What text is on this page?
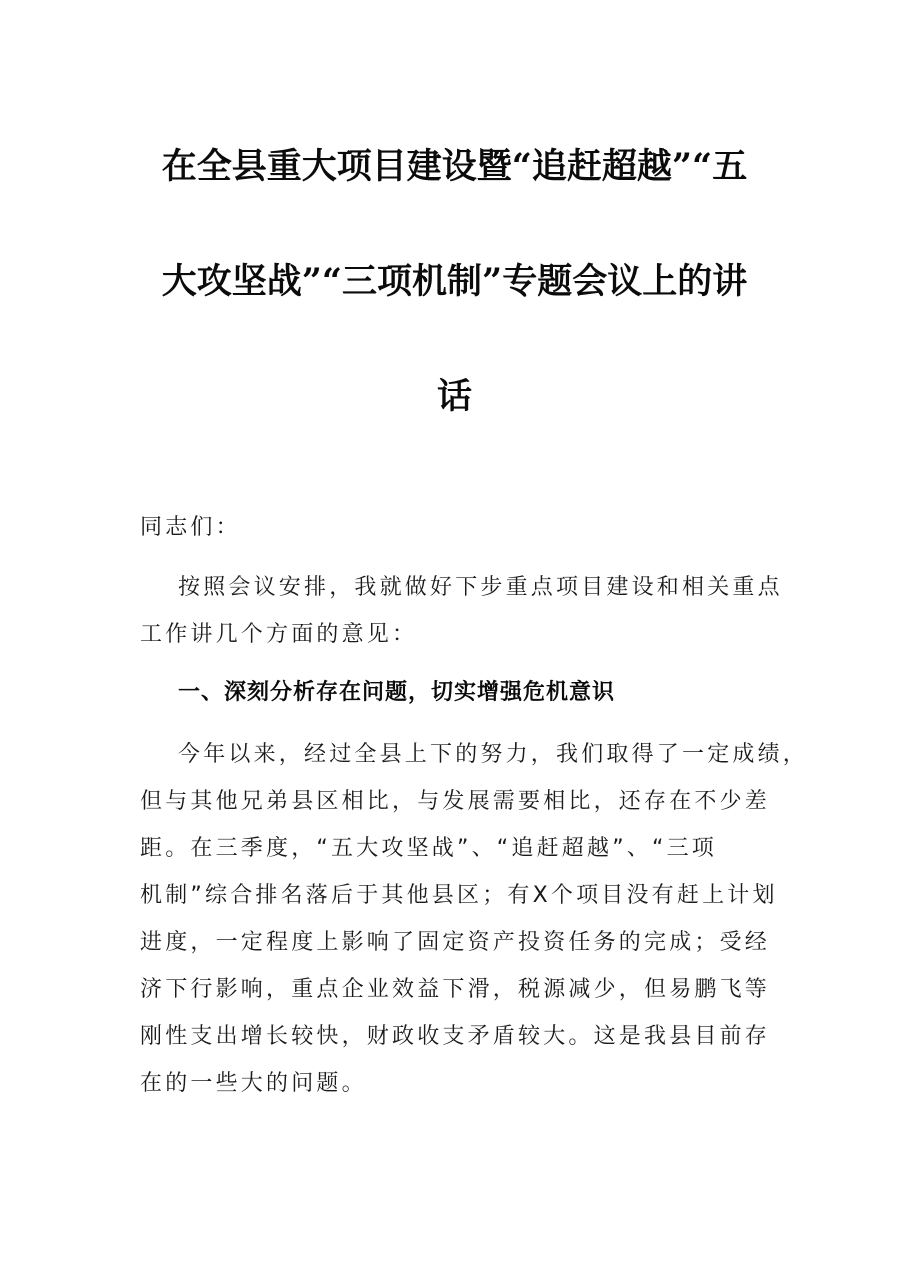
在全县重大项目建设暨“追赶超越”“五
大攻坚战”“三项机制”专题会议上的讲
话
同志们：
按照会议安排，我就做好下步重点项目建设和相关重点
工作讲几个方面的意见：
一、深刻分析存在问题，切实增强危机意识
今年以来，经过全县上下的努力，我们取得了一定成绩，
但与其他兄弟县区相比，与发展需要相比，还存在不少差
距。在三季度，“五大攻坚战”、“追赶超越”、“三项
机制”综合排名落后于其他县区；有X个项目没有赶上计划
进度，一定程度上影响了固定资产投资任务的完成；受经
济下行影响，重点企业效益下滑，税源减少，但易鹏飞等
刚性支出增长较快，财政收支矛盾较大。这是我县目前存
在的一些大的问题。
